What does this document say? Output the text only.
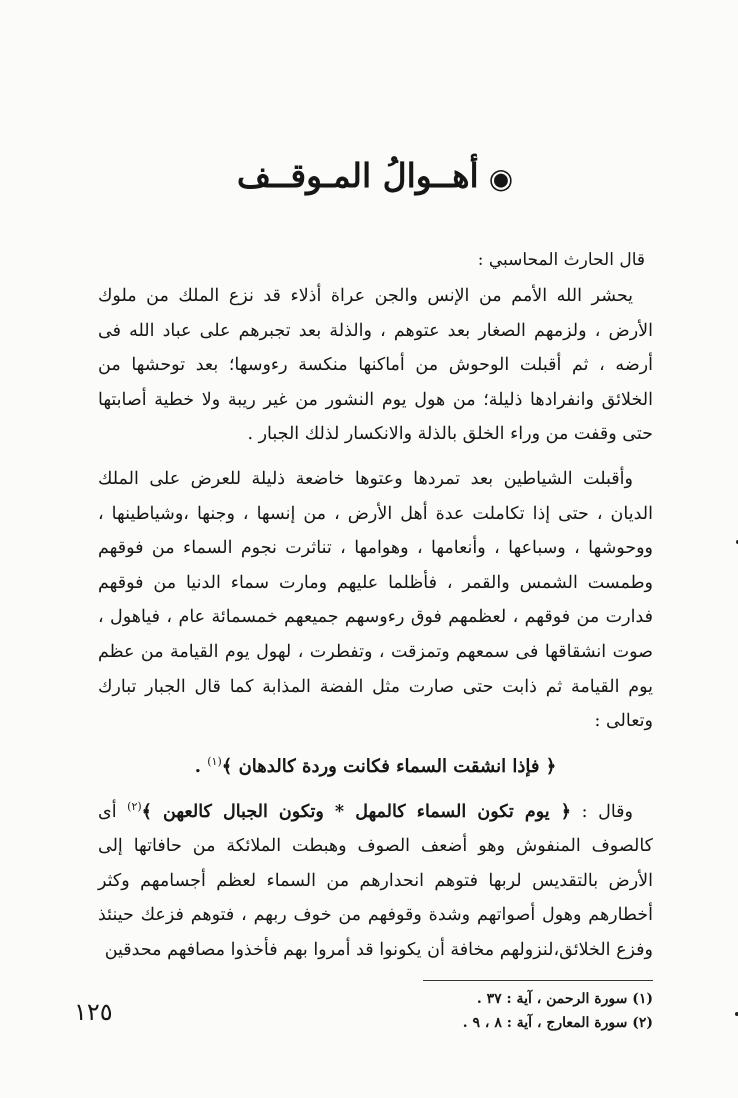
◉أهــوالُ المـوقــف

قال الحارث المحاسبي :

يحشر الله الأمم من الإنس والجن عراة أذلاء قد نزع الملك من ملوك الأرض ، ولزمهم الصغار بعد عتوهم ، والذلة بعد تجبرهم على عباد الله فى أرضه ، ثم أقبلت الوحوش من أماكنها منكسة رءوسها؛ بعد توحشها من الخلائق وانفرادها ذليلة؛ من هول يوم النشور من غير ريبة ولا خطية أصابتها حتى وقفت من وراء الخلق بالذلة والانكسار لذلك الجبار .

وأقبلت الشياطين بعد تمردها وعتوها خاضعة ذليلة للعرض على الملك الديان ، حتى إذا تكاملت عدة أهل الأرض ، من إنسها ، وجنها ،وشياطينها ، ووحوشها ، وسباعها ، وأنعامها ، وهوامها ، تناثرت نجوم السماء من فوقهم وطمست الشمس والقمر ، فأظلما عليهم ومارت سماء الدنيا من فوقهم فدارت من فوقهم ، لعظمهم فوق رءوسهم جميعهم خمسمائة عام ، فياهول ، صوت انشقاقها فى سمعهم وتمزقت ، وتفطرت ، لهول يوم القيامة من عظم يوم القيامة ثم ذابت حتى صارت مثل الفضة المذابة كما قال الجبار تبارك وتعالى :

﴿ فإذا انشقت السماء فكانت وردة كالدهان ﴾$^{(١)}$ .

وقال : ﴿ يوم تكون السماء كالمهل * وتكون الجبال كالعهن ﴾$^{(٢)}$ أى كالصوف المنفوش وهو أضعف الصوف وهبطت الملائكة من حافاتها إلى الأرض بالتقديس لربها فتوهم انحدارهم من السماء لعظم أجسامهم وكثر أخطارهم وهول أصواتهم وشدة وقوفهم من خوف ربهم ، فتوهم فزعك حينئذ وفزع الخلائق،لنزولهم مخافة أن يكونوا قد أمروا بهم فأخذوا مصافهم محدقين

(١) سورة الرحمن ، آية : ٣٧ .

(٢) سورة المعارج ، آية : ٨ ، ٩ .

١٢٥
